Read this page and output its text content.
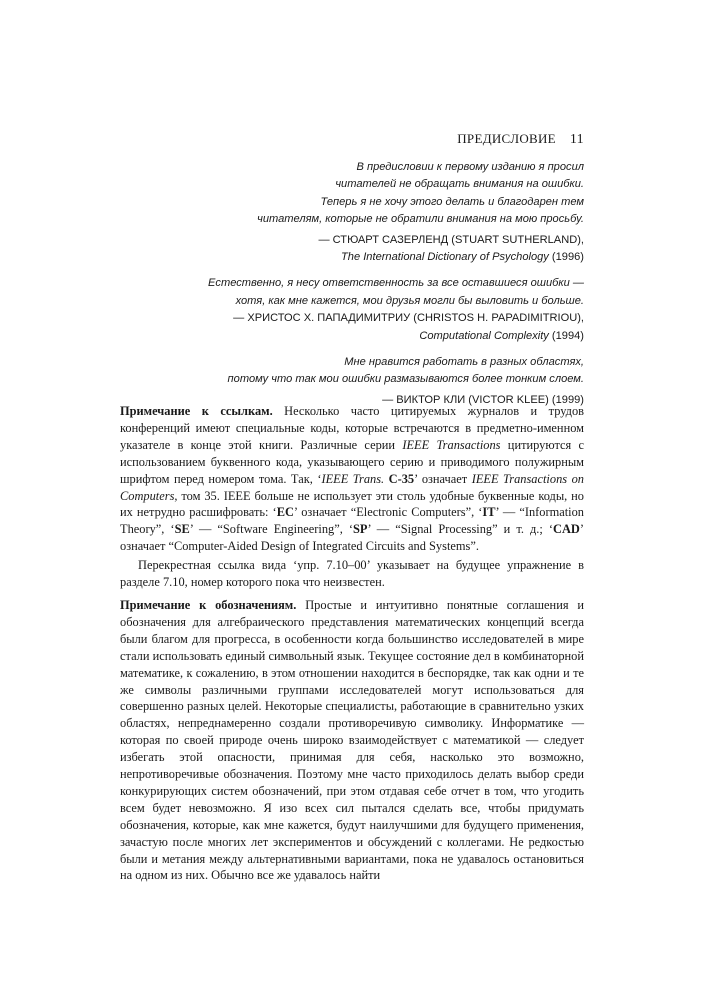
ПРЕДИСЛОВИЕ 11
В предисловии к первому изданию я просил
читателей не обращать внимания на ошибки.
Теперь я не хочу этого делать и благодарен тем
читателям, которые не обратили внимания на мою просьбу.
— СТЮАРТ САЗЕРЛЕНД (STUART SUTHERLAND),
The International Dictionary of Psychology (1996)
Естественно, я несу ответственность за все оставшиеся ошибки —
хотя, как мне кажется, мои друзья могли бы выловить и больше.
— ХРИСТОС Х. ПАПАДИМИТРИУ (CHRISTOS H. PAPADIMITRIOU),
Computational Complexity (1994)
Мне нравится работать в разных областях,
потому что так мои ошибки размазываются более тонким слоем.
— ВИКТОР КЛИ (VICTOR KLEE) (1999)

Примечание к ссылкам. Несколько часто цитируемых журналов и трудов конференций имеют специальные коды, которые встречаются в предметно-именном указателе в конце этой книги. Различные серии IEEE Transactions цитируются с использованием буквенного кода, указывающего серию и приводимого полужирным шрифтом перед номером тома. Так, ‘IEEE Trans. C-35’ означает IEEE Transactions on Computers, том 35. IEEE больше не использует эти столь удобные буквенные коды, но их нетрудно расшифровать: ‘EC’ означает “Electronic Computers”, ‘IT’ — “Information Theory”, ‘SE’ — “Software Engineering”, ‘SP’ — “Signal Processing” и т. д.; ‘CAD’ означает “Computer-Aided Design of Integrated Circuits and Systems”.

Перекрестная ссылка вида ‘упр. 7.10–00’ указывает на будущее упражнение в разделе 7.10, номер которого пока что неизвестен.

Примечание к обозначениям. Простые и интуитивно понятные соглашения и обозначения для алгебраического представления математических концепций всегда были благом для прогресса, в особенности когда большинство исследователей в мире стали использовать единый символьный язык. Текущее состояние дел в комбинаторной математике, к сожалению, в этом отношении находится в беспорядке, так как одни и те же символы различными группами исследователей могут использоваться для совершенно разных целей. Некоторые специалисты, работающие в сравнительно узких областях, непреднамеренно создали противоречивую символику. Информатике — которая по своей природе очень широко взаимодействует с математикой — следует избегать этой опасности, принимая для себя, насколько это возможно, непротиворечивые обозначения. Поэтому мне часто приходилось делать выбор среди конкурирующих систем обозначений, при этом отдавая себе отчет в том, что угодить всем будет невозможно. Я изо всех сил пытался сделать все, чтобы придумать обозначения, которые, как мне кажется, будут наилучшими для будущего применения, зачастую после многих лет экспериментов и обсуждений с коллегами. Не редкостью были и метания между альтернативными вариантами, пока не удавалось остановиться на одном из них. Обычно все же удавалось найти
